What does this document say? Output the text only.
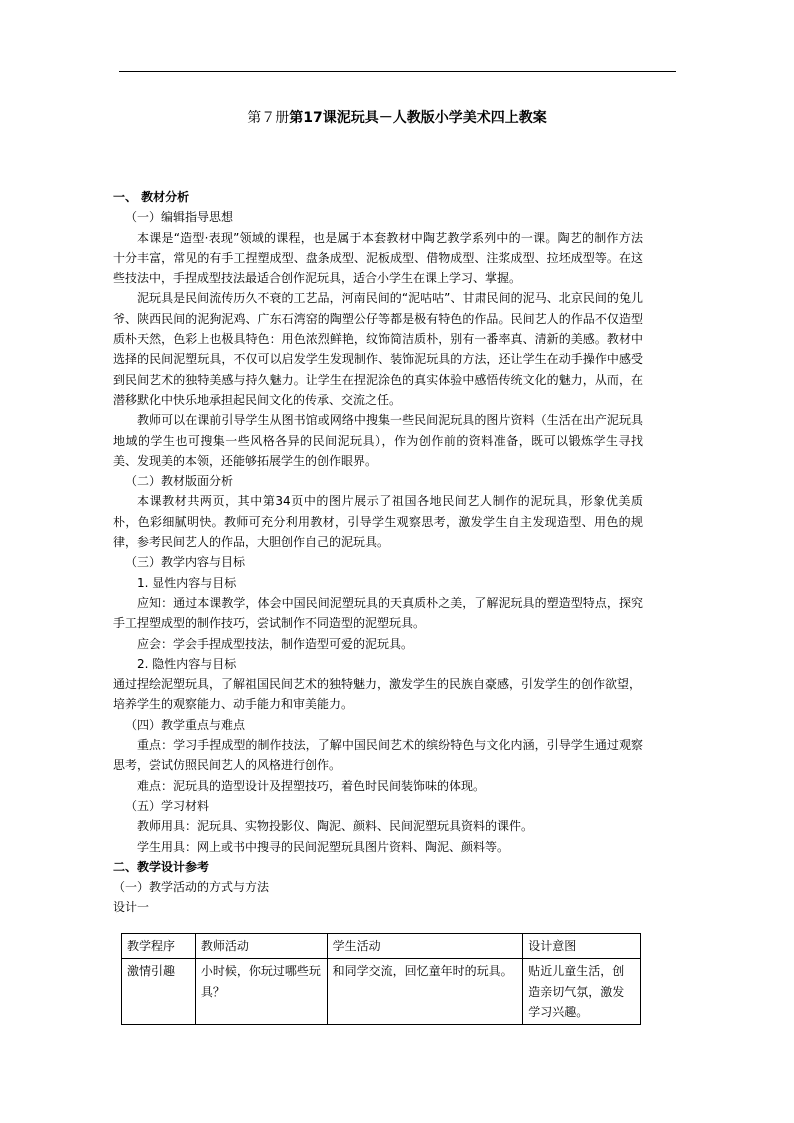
第７册第17课泥玩具－人教版小学美术四上教案

一、 教材分析

（一）编辑指导思想

本课是“造型·表现”领域的课程，也是属于本套教材中陶艺教学系列中的一课。陶艺的制作方法十分丰富，常见的有手工捏塑成型、盘条成型、泥板成型、借物成型、注浆成型、拉坯成型等。在这些技法中，手捏成型技法最适合创作泥玩具，适合小学生在课上学习、掌握。

泥玩具是民间流传历久不衰的工艺品，河南民间的“泥咕咕”、甘肃民间的泥马、北京民间的兔儿爷、陕西民间的泥狗泥鸡、广东石湾窑的陶塑公仔等都是极有特色的作品。民间艺人的作品不仅造型质朴天然，色彩上也极具特色：用色浓烈鲜艳，纹饰简洁质朴，别有一番率真、清新的美感。教材中选择的民间泥塑玩具，不仅可以启发学生发现制作、装饰泥玩具的方法，还让学生在动手操作中感受到民间艺术的独特美感与持久魅力。让学生在捏泥涂色的真实体验中感悟传统文化的魅力，从而，在潜移默化中快乐地承担起民间文化的传承、交流之任。

教师可以在课前引导学生从图书馆或网络中搜集一些民间泥玩具的图片资料（生活在出产泥玩具地域的学生也可搜集一些风格各异的民间泥玩具），作为创作前的资料准备，既可以锻炼学生寻找美、发现美的本领，还能够拓展学生的创作眼界。

（二）教材版面分析

本课教材共两页，其中第34页中的图片展示了祖国各地民间艺人制作的泥玩具，形象优美质朴，色彩细腻明快。教师可充分利用教材，引导学生观察思考，激发学生自主发现造型、用色的规律，参考民间艺人的作品，大胆创作自己的泥玩具。

（三）教学内容与目标

1. 显性内容与目标

应知：通过本课教学，体会中国民间泥塑玩具的天真质朴之美，了解泥玩具的塑造型特点，探究手工捏塑成型的制作技巧，尝试制作不同造型的泥塑玩具。

应会：学会手捏成型技法，制作造型可爱的泥玩具。

2. 隐性内容与目标

通过捏绘泥塑玩具，了解祖国民间艺术的独特魅力，激发学生的民族自豪感，引发学生的创作欲望，培养学生的观察能力、动手能力和审美能力。

（四）教学重点与难点

重点：学习手捏成型的制作技法，了解中国民间艺术的缤纷特色与文化内涵，引导学生通过观察思考，尝试仿照民间艺人的风格进行创作。

难点：泥玩具的造型设计及捏塑技巧，着色时民间装饰味的体现。

（五）学习材料

教师用具：泥玩具、实物投影仪、陶泥、颜料、民间泥塑玩具资料的课件。

学生用具：网上或书中搜寻的民间泥塑玩具图片资料、陶泥、颜料等。

二、教学设计参考

（一）教学活动的方式与方法

设计一

教学程序	教师活动	学生活动	设计意图
激情引趣	小时候，你玩过哪些玩具？	和同学交流，回忆童年时的玩具。	贴近儿童生活，创造亲切气氛，激发学习兴趣。
